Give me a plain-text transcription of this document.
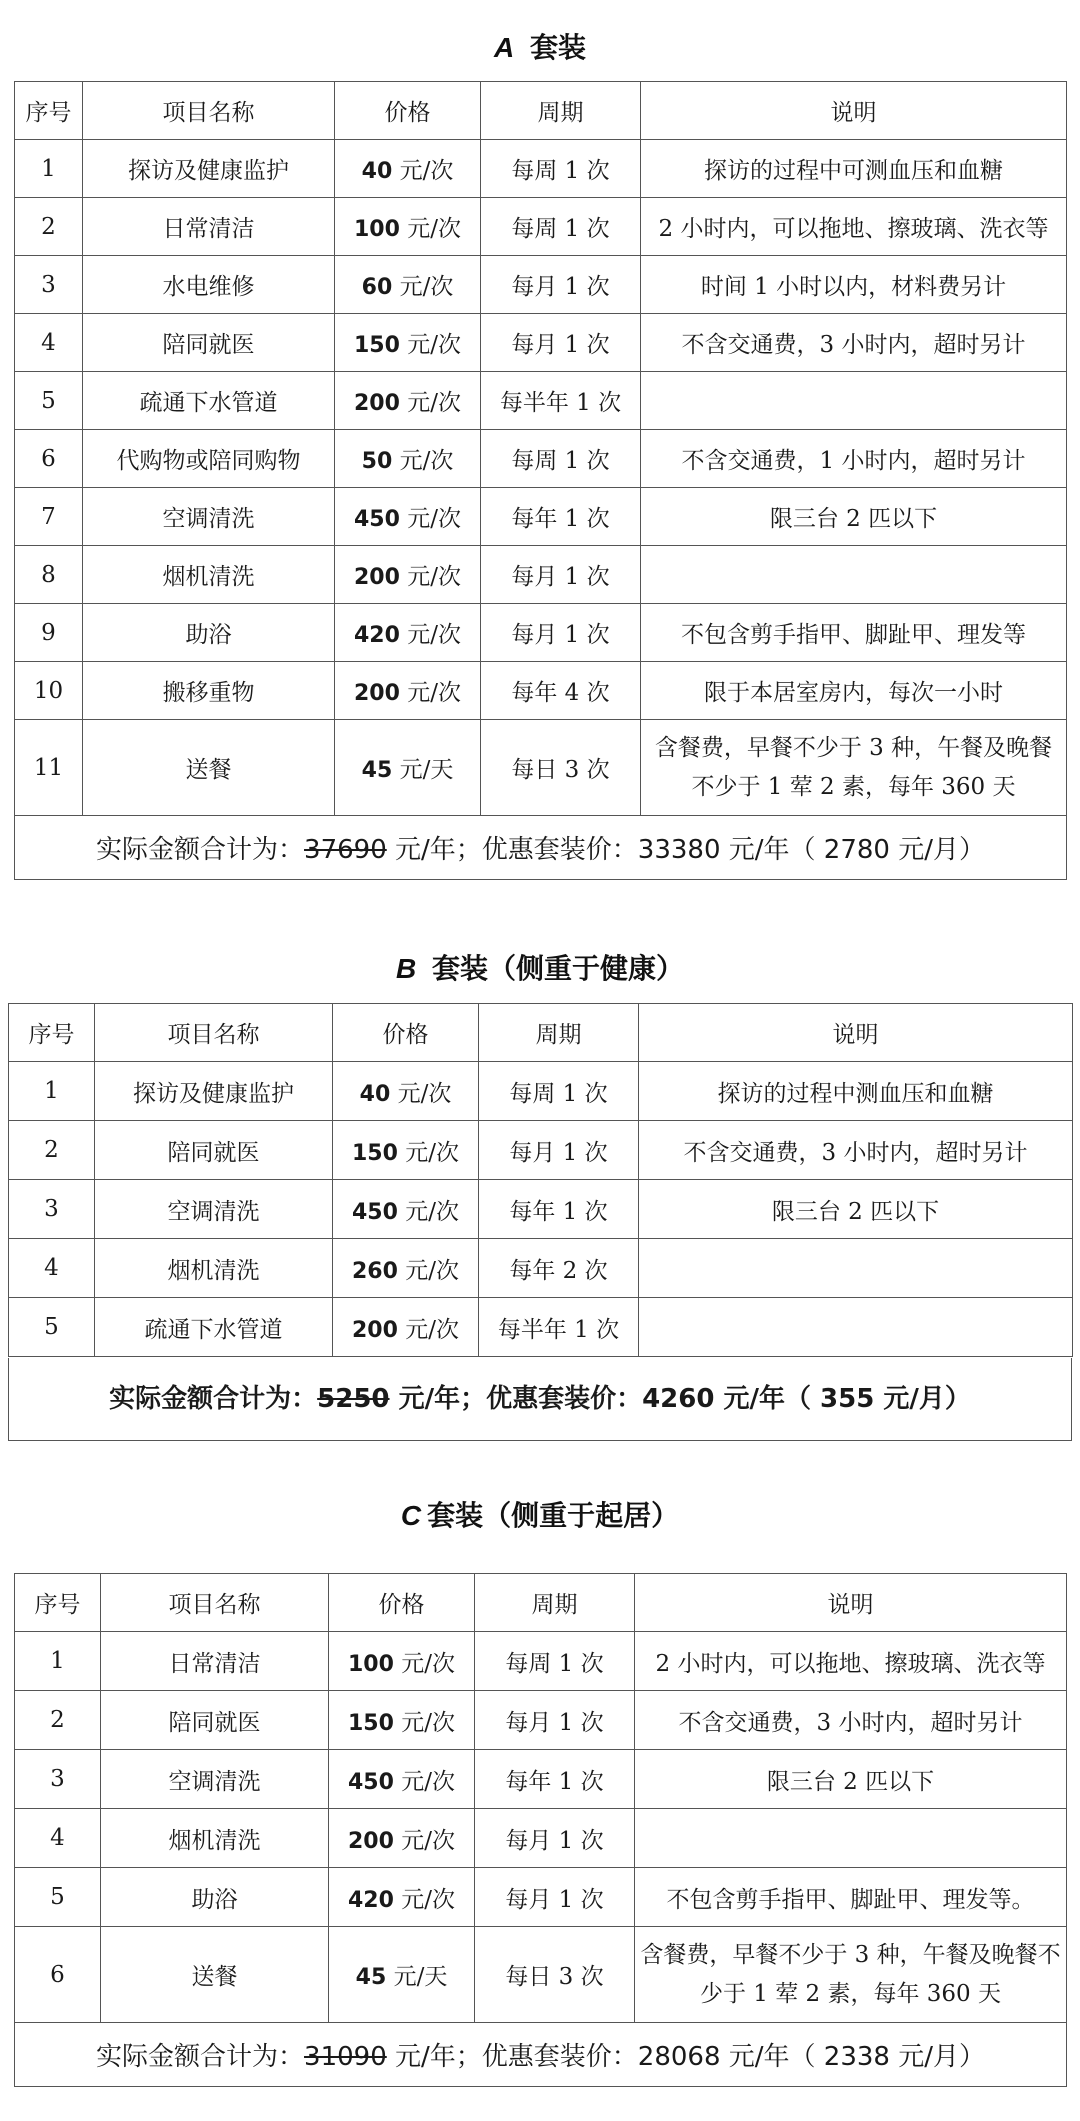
A 套装
序号	项目名称	价格	周期	说明
1	探访及健康监护	40 元/次	每周 1 次	探访的过程中可测血压和血糖
2	日常清洁	100 元/次	每周 1 次	2 小时内，可以拖地、擦玻璃、洗衣等
3	水电维修	60 元/次	每月 1 次	时间 1 小时以内，材料费另计
4	陪同就医	150 元/次	每月 1 次	不含交通费，3 小时内，超时另计
5	疏通下水管道	200 元/次	每半年 1 次	
6	代购物或陪同购物	50 元/次	每周 1 次	不含交通费，1 小时内，超时另计
7	空调清洗	450 元/次	每年 1 次	限三台 2 匹以下
8	烟机清洗	200 元/次	每月 1 次	
9	助浴	420 元/次	每月 1 次	不包含剪手指甲、脚趾甲、理发等
10	搬移重物	200 元/次	每年 4 次	限于本居室房内，每次一小时
11	送餐	45 元/天	每日 3 次	含餐费，早餐不少于 3 种，午餐及晚餐不少于 1 荤 2 素，每年 360 天
实际金额合计为：37690 元/年；优惠套装价：33380 元/年（ 2780 元/月）				
B 套装（侧重于健康）
序号	项目名称	价格	周期	说明
1	探访及健康监护	40 元/次	每周 1 次	探访的过程中测血压和血糖
2	陪同就医	150 元/次	每月 1 次	不含交通费，3 小时内，超时另计
3	空调清洗	450 元/次	每年 1 次	限三台 2 匹以下
4	烟机清洗	260 元/次	每年 2 次	
5	疏通下水管道	200 元/次	每半年 1 次	
实际金额合计为：5250 元/年；优惠套装价：4260 元/年（ 355 元/月）
C 套装（侧重于起居）
序号	项目名称	价格	周期	说明
1	日常清洁	100 元/次	每周 1 次	2 小时内，可以拖地、擦玻璃、洗衣等
2	陪同就医	150 元/次	每月 1 次	不含交通费，3 小时内，超时另计
3	空调清洗	450 元/次	每年 1 次	限三台 2 匹以下
4	烟机清洗	200 元/次	每月 1 次	
5	助浴	420 元/次	每月 1 次	不包含剪手指甲、脚趾甲、理发等。
6	送餐	45 元/天	每日 3 次	含餐费，早餐不少于 3 种，午餐及晚餐不少于 1 荤 2 素，每年 360 天
实际金额合计为：31090 元/年；优惠套装价：28068 元/年（ 2338 元/月）				
